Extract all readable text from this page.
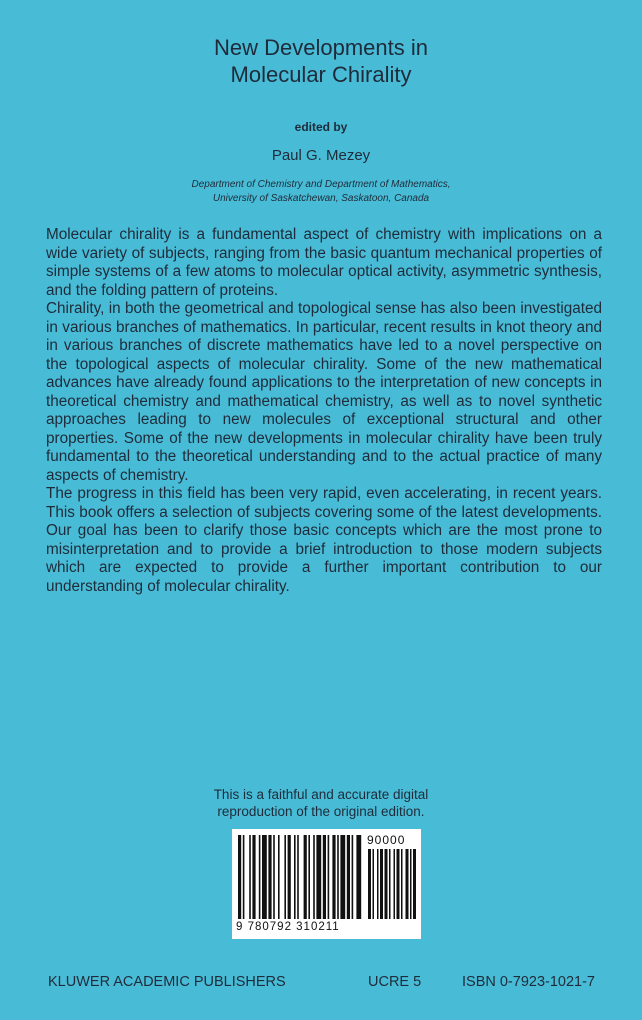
New Developments in
Molecular Chirality
edited by
Paul G. Mezey
Department of Chemistry and Department of Mathematics,
University of Saskatchewan, Saskatoon, Canada

Molecular chirality is a fundamental aspect of chemistry with implications on a wide variety of subjects, ranging from the basic quantum mechanical properties of simple systems of a few atoms to molecular optical activity, asymmetric synthesis, and the folding pattern of proteins.

Chirality, in both the geometrical and topological sense has also been investigated in various branches of mathematics. In particular, recent results in knot theory and in various branches of discrete mathematics have led to a novel perspective on the topological aspects of molecular chirality. Some of the new mathematical advances have already found applications to the interpretation of new concepts in theoretical chemistry and mathematical chemistry, as well as to novel synthetic approaches leading to new molecules of exceptional structural and other properties. Some of the new developments in molecular chirality have been truly fundamental to the theoretical understanding and to the actual practice of many aspects of chemistry.

The progress in this field has been very rapid, even accelerating, in recent years. This book offers a selection of subjects covering some of the latest developments. Our goal has been to clarify those basic concepts which are the most prone to misinterpretation and to provide a brief introduction to those modern subjects which are expected to provide a further important contribution to our understanding of molecular chirality.

This is a faithful and accurate digital
reproduction of the original edition.
90000
9 780792 310211
KLUWER ACADEMIC PUBLISHERS	UCRE 5	ISBN 0-7923-1021-7
